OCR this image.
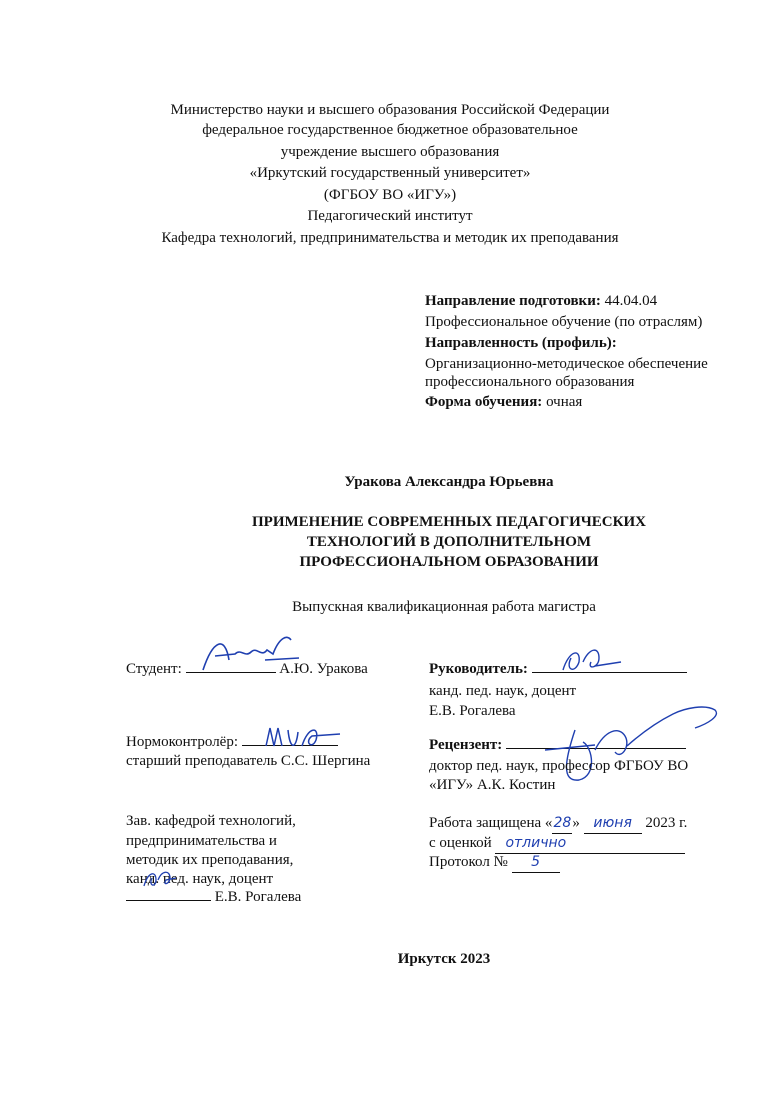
Министерство науки и высшего образования Российской Федерации
федеральное государственное бюджетное образовательное
учреждение высшего образования
«Иркутский государственный университет»
(ФГБОУ ВО «ИГУ»)
Педагогический институт
Кафедра технологий, предпринимательства и методик их преподавания
Направление подготовки: 44.04.04
Профессиональное обучение (по отраслям)
Направленность (профиль):
Организационно-методическое обеспечение
профессионального образования
Форма обучения: очная
Уракова Александра Юрьевна
ПРИМЕНЕНИЕ СОВРЕМЕННЫХ ПЕДАГОГИЧЕСКИХ
ТЕХНОЛОГИЙ В ДОПОЛНИТЕЛЬНОМ
ПРОФЕССИОНАЛЬНОМ ОБРАЗОВАНИИ
Выпускная квалификационная работа магистра
Студент:	А.Ю. Уракова	Руководитель:
канд. пед. наук, доцент
Е.В. Рогалева
Нормоконтролёр:
старший преподаватель С.С. Шергина
Рецензент:
доктор пед. наук, профессор ФГБОУ ВО
«ИГУ» А.К. Костин
Зав. кафедрой технологий,
предпринимательства и
методик их преподавания,
канд. пед. наук, доцент
Е.В. Рогалева
Работа защищена «28» июня 2023 г.
с оценкой отлично
Протокол № 5
Иркутск 2023
